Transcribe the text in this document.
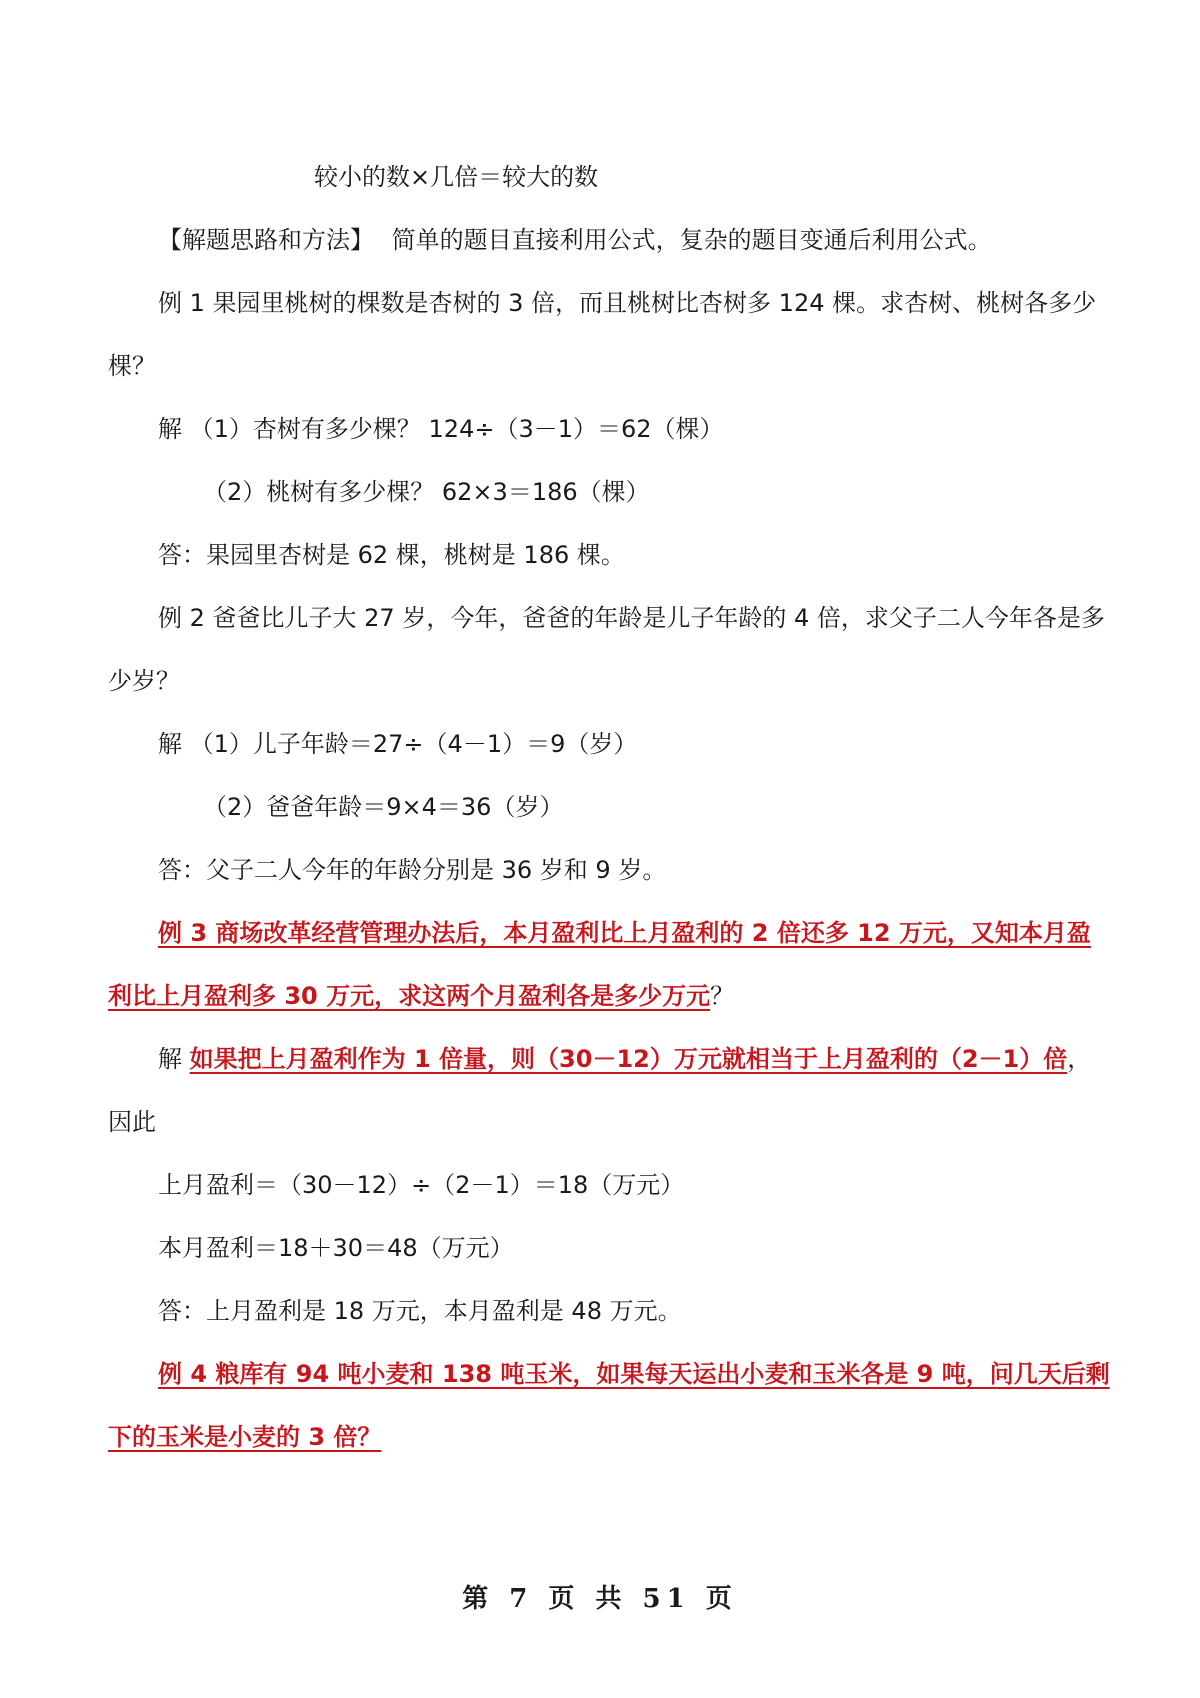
较小的数×几倍＝较大的数
【解题思路和方法】 简单的题目直接利用公式，复杂的题目变通后利用公式。
例 1 果园里桃树的棵数是杏树的 3 倍，而且桃树比杏树多 124 棵。求杏树、桃树各多少
棵？
解 （1）杏树有多少棵？ 124÷（3－1）＝62（棵）
（2）桃树有多少棵？ 62×3＝186（棵）
答：果园里杏树是 62 棵，桃树是 186 棵。
例 2 爸爸比儿子大 27 岁，今年，爸爸的年龄是儿子年龄的 4 倍，求父子二人今年各是多
少岁？
解 （1）儿子年龄＝27÷（4－1）＝9（岁）
（2）爸爸年龄＝9×4＝36（岁）
答：父子二人今年的年龄分别是 36 岁和 9 岁。
例 3 商场改革经营管理办法后，本月盈利比上月盈利的 2 倍还多 12 万元，又知本月盈
利比上月盈利多 30 万元，求这两个月盈利各是多少万元？
解 如果把上月盈利作为 1 倍量，则（30－12）万元就相当于上月盈利的（2－1）倍，
因此
上月盈利＝（30－12）÷（2－1）＝18（万元）
本月盈利＝18＋30＝48（万元）
答：上月盈利是 18 万元，本月盈利是 48 万元。
例 4 粮库有 94 吨小麦和 138 吨玉米，如果每天运出小麦和玉米各是 9 吨，问几天后剩
下的玉米是小麦的 3 倍？
第 7 页 共 51 页
